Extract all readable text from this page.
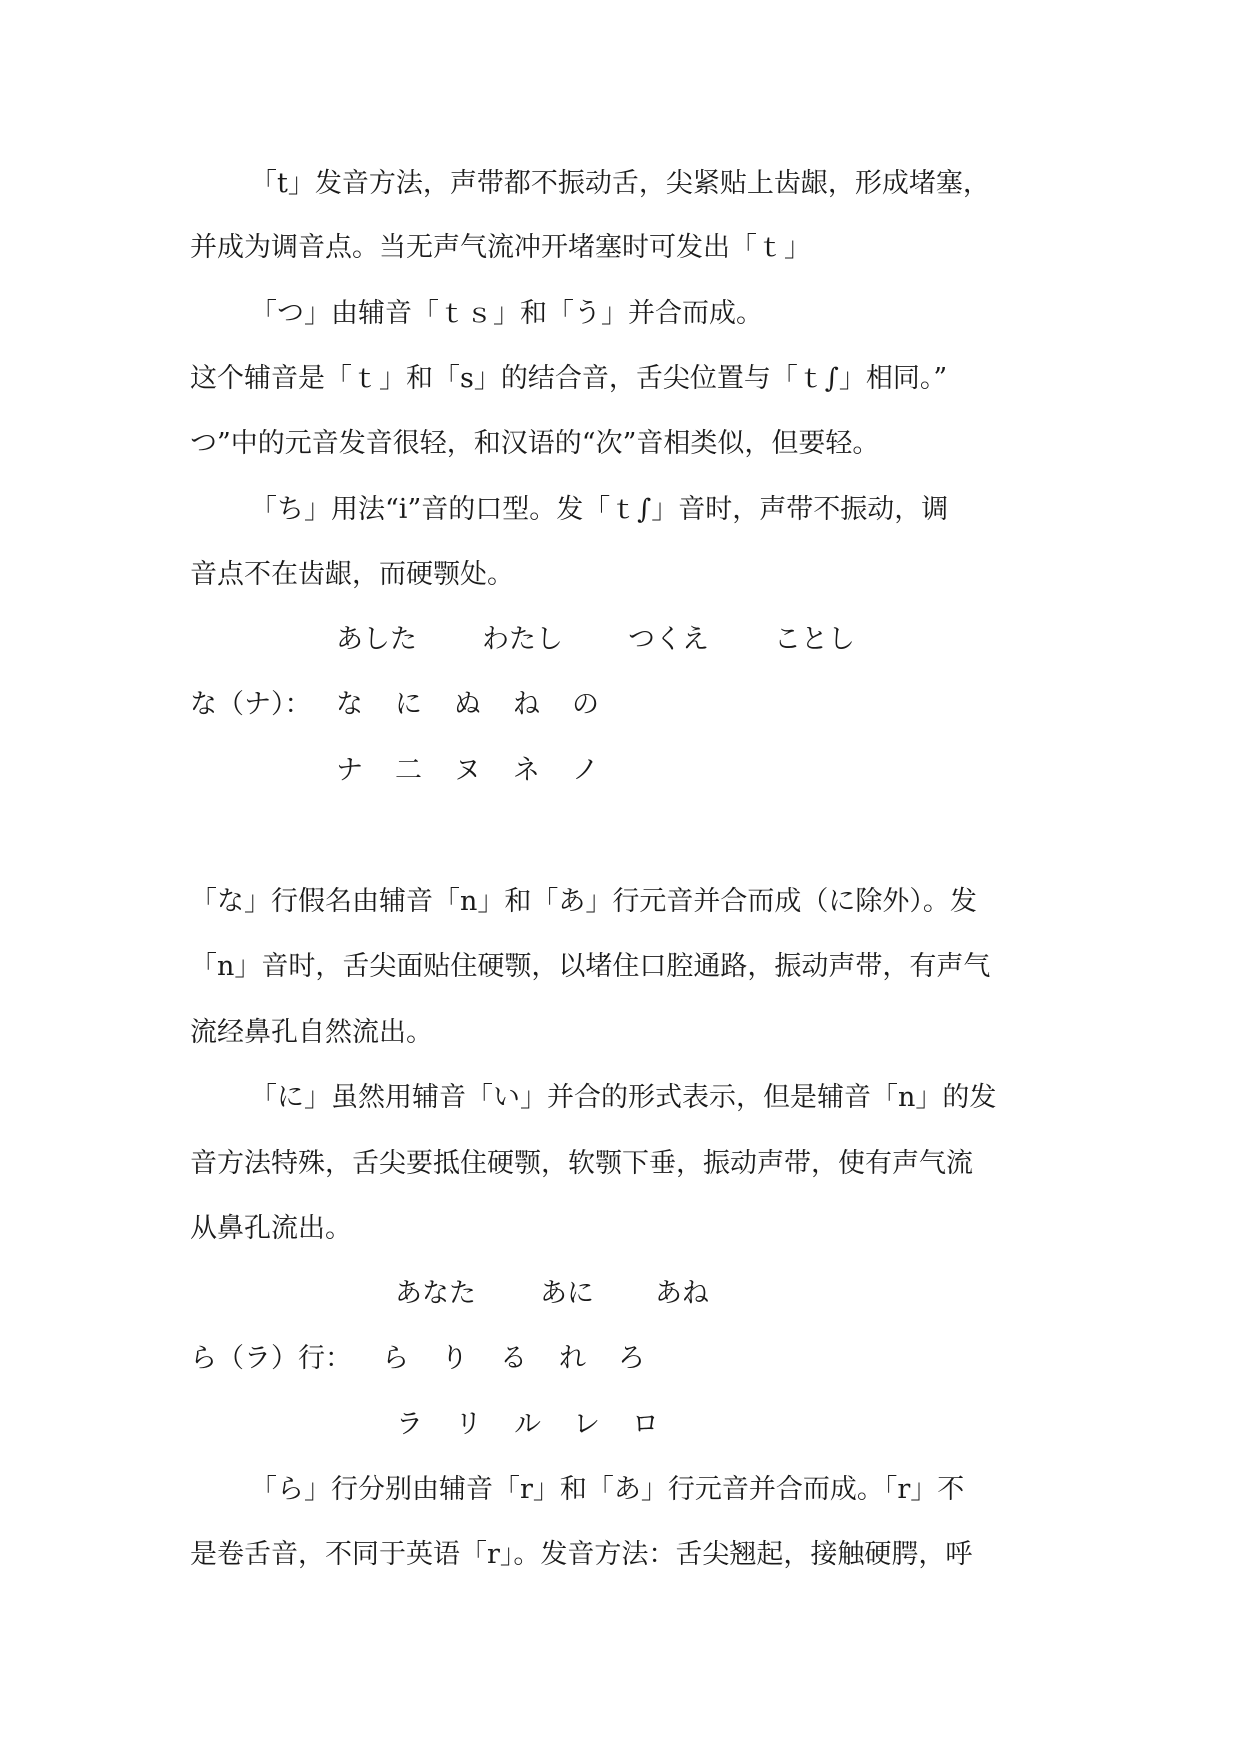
「t」发音方法，声带都不振动舌，尖紧贴上齿龈，形成堵塞，
并成为调音点。当无声气流冲开堵塞时可发出「ｔ」
「つ」由辅音「ｔｓ」和「う」并合而成。
这个辅音是「ｔ」和「s」的结合音，舌尖位置与「ｔ∫」相同。”
つ”中的元音发音很轻，和汉语的“次”音相类似，但要轻。
「ち」用法“i”音的口型。发「ｔ∫」音时，声带不振动，调
音点不在齿龈，而硬颚处。
あした わたし つくえ ことし
な（ナ）： な に ぬ ね の
ナ 二 ヌ ネ ノ
「な」行假名由辅音「n」和「あ」行元音并合而成（に除外）。发
「n」音时，舌尖面贴住硬颚，以堵住口腔通路，振动声带，有声气
流经鼻孔自然流出。
「に」虽然用辅音「い」并合的形式表示，但是辅音「n」的发
音方法特殊，舌尖要抵住硬颚，软颚下垂，振动声带，使有声气流
从鼻孔流出。
あなた あに あね
ら（ラ）行： ら り る れ ろ
ラ リ ル レ ロ
「ら」行分别由辅音「r」和「あ」行元音并合而成。「r」不
是卷舌音，不同于英语「r」。发音方法：舌尖翘起，接触硬腭，呼
